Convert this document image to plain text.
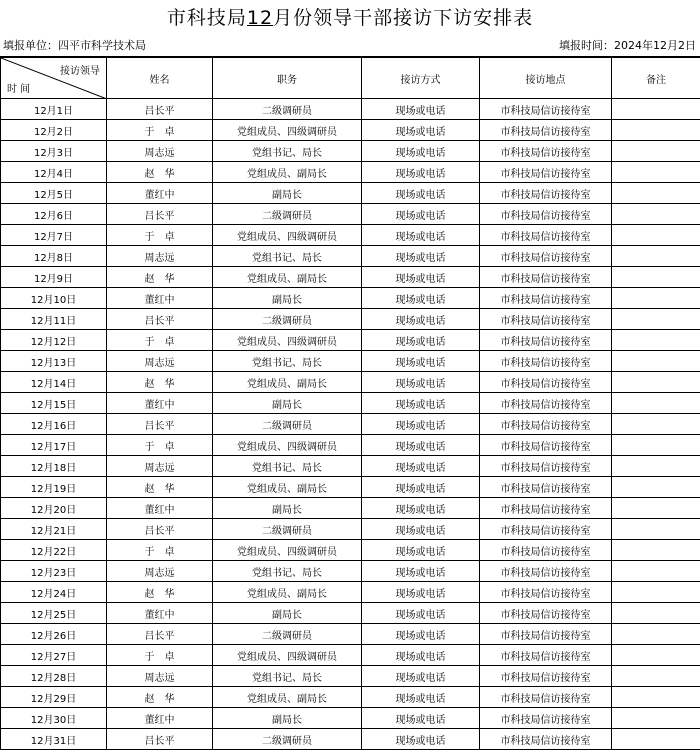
市科技局12月份领导干部接访下访安排表
填报单位：四平市科学技术局	填报时间：2024年12月2日
接访领导
时 间	姓名	职务	接访方式	接访地点	备注
12月1日	吕长平	二级调研员	现场或电话	市科技局信访接待室	
12月2日	于　卓	党组成员、四级调研员	现场或电话	市科技局信访接待室	
12月3日	周志远	党组书记、局长	现场或电话	市科技局信访接待室	
12月4日	赵　华	党组成员、副局长	现场或电话	市科技局信访接待室	
12月5日	董红中	副局长	现场或电话	市科技局信访接待室	
12月6日	吕长平	二级调研员	现场或电话	市科技局信访接待室	
12月7日	于　卓	党组成员、四级调研员	现场或电话	市科技局信访接待室	
12月8日	周志远	党组书记、局长	现场或电话	市科技局信访接待室	
12月9日	赵　华	党组成员、副局长	现场或电话	市科技局信访接待室	
12月10日	董红中	副局长	现场或电话	市科技局信访接待室	
12月11日	吕长平	二级调研员	现场或电话	市科技局信访接待室	
12月12日	于　卓	党组成员、四级调研员	现场或电话	市科技局信访接待室	
12月13日	周志远	党组书记、局长	现场或电话	市科技局信访接待室	
12月14日	赵　华	党组成员、副局长	现场或电话	市科技局信访接待室	
12月15日	董红中	副局长	现场或电话	市科技局信访接待室	
12月16日	吕长平	二级调研员	现场或电话	市科技局信访接待室	
12月17日	于　卓	党组成员、四级调研员	现场或电话	市科技局信访接待室	
12月18日	周志远	党组书记、局长	现场或电话	市科技局信访接待室	
12月19日	赵　华	党组成员、副局长	现场或电话	市科技局信访接待室	
12月20日	董红中	副局长	现场或电话	市科技局信访接待室	
12月21日	吕长平	二级调研员	现场或电话	市科技局信访接待室	
12月22日	于　卓	党组成员、四级调研员	现场或电话	市科技局信访接待室	
12月23日	周志远	党组书记、局长	现场或电话	市科技局信访接待室	
12月24日	赵　华	党组成员、副局长	现场或电话	市科技局信访接待室	
12月25日	董红中	副局长	现场或电话	市科技局信访接待室	
12月26日	吕长平	二级调研员	现场或电话	市科技局信访接待室	
12月27日	于　卓	党组成员、四级调研员	现场或电话	市科技局信访接待室	
12月28日	周志远	党组书记、局长	现场或电话	市科技局信访接待室	
12月29日	赵　华	党组成员、副局长	现场或电话	市科技局信访接待室	
12月30日	董红中	副局长	现场或电话	市科技局信访接待室	
12月31日	吕长平	二级调研员	现场或电话	市科技局信访接待室	
